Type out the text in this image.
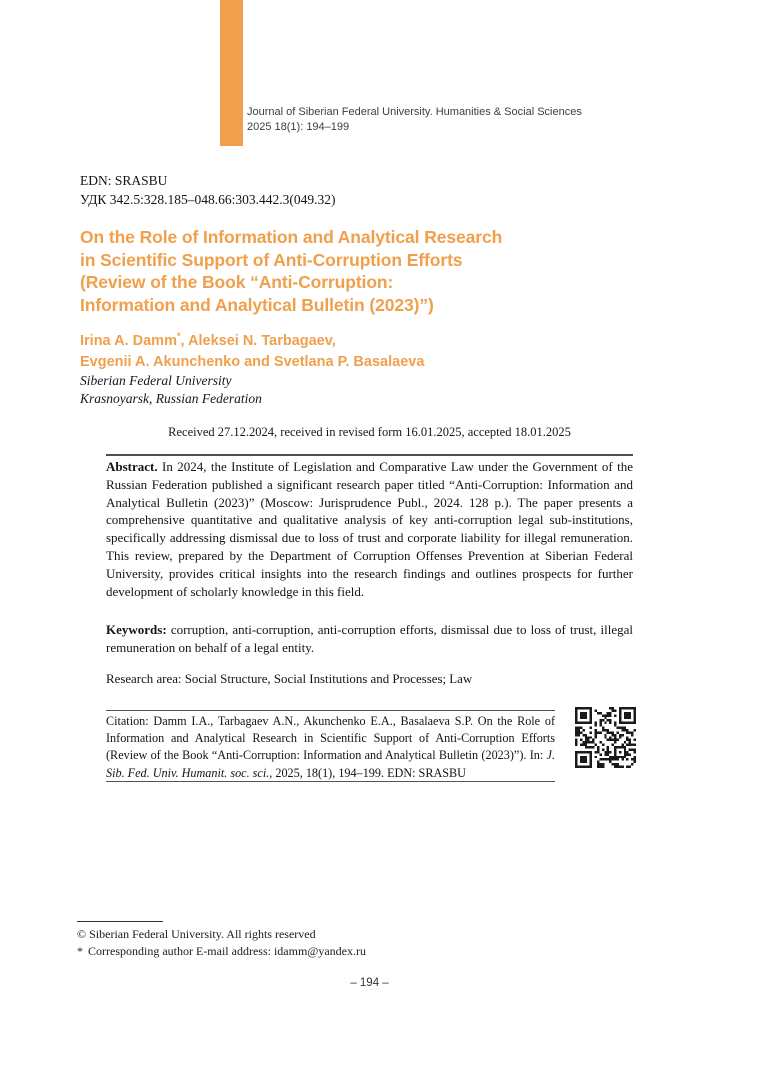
Journal of Siberian Federal University. Humanities & Social Sciences
2025 18(1): 194–199
EDN: SRASBU
УДК 342.5:328.185–048.66:303.442.3(049.32)
On the Role of Information and Analytical Research
in Scientific Support of Anti-Corruption Efforts
(Review of the Book “Anti-Corruption:
Information and Analytical Bulletin (2023)”)
Irina A. Damm*, Aleksei N. Tarbagaev,
Evgenii A. Akunchenko and Svetlana P. Basalaeva
Siberian Federal University
Krasnoyarsk, Russian Federation
Received 27.12.2024, received in revised form 16.01.2025, accepted 18.01.2025
Abstract. In 2024, the Institute of Legislation and Comparative Law under the Government of the Russian Federation published a significant research paper titled “Anti-Corruption: Information and Analytical Bulletin (2023)” (Moscow: Jurisprudence Publ., 2024. 128 p.). The paper presents a comprehensive quantitative and qualitative analysis of key anti-corruption legal sub-institutions, specifically addressing dismissal due to loss of trust and corporate liability for illegal remuneration. This review, prepared by the Department of Corruption Offenses Prevention at Siberian Federal University, provides critical insights into the research findings and outlines prospects for further development of scholarly knowledge in this field.
Keywords: corruption, anti-corruption, anti-corruption efforts, dismissal due to loss of trust, illegal remuneration on behalf of a legal entity.
Research area: Social Structure, Social Institutions and Processes; Law
Citation: Damm I.A., Tarbagaev A.N., Akunchenko E.A., Basalaeva S.P. On the Role of Information and Analytical Research in Scientific Support of Anti-Corruption Efforts (Review of the Book “Anti-Corruption: Information and Analytical Bulletin (2023)”). In: J. Sib. Fed. Univ. Humanit. soc. sci., 2025, 18(1), 194–199. EDN: SRASBU
© Siberian Federal University. All rights reserved
* Corresponding author E-mail address: idamm@yandex.ru
– 194 –
